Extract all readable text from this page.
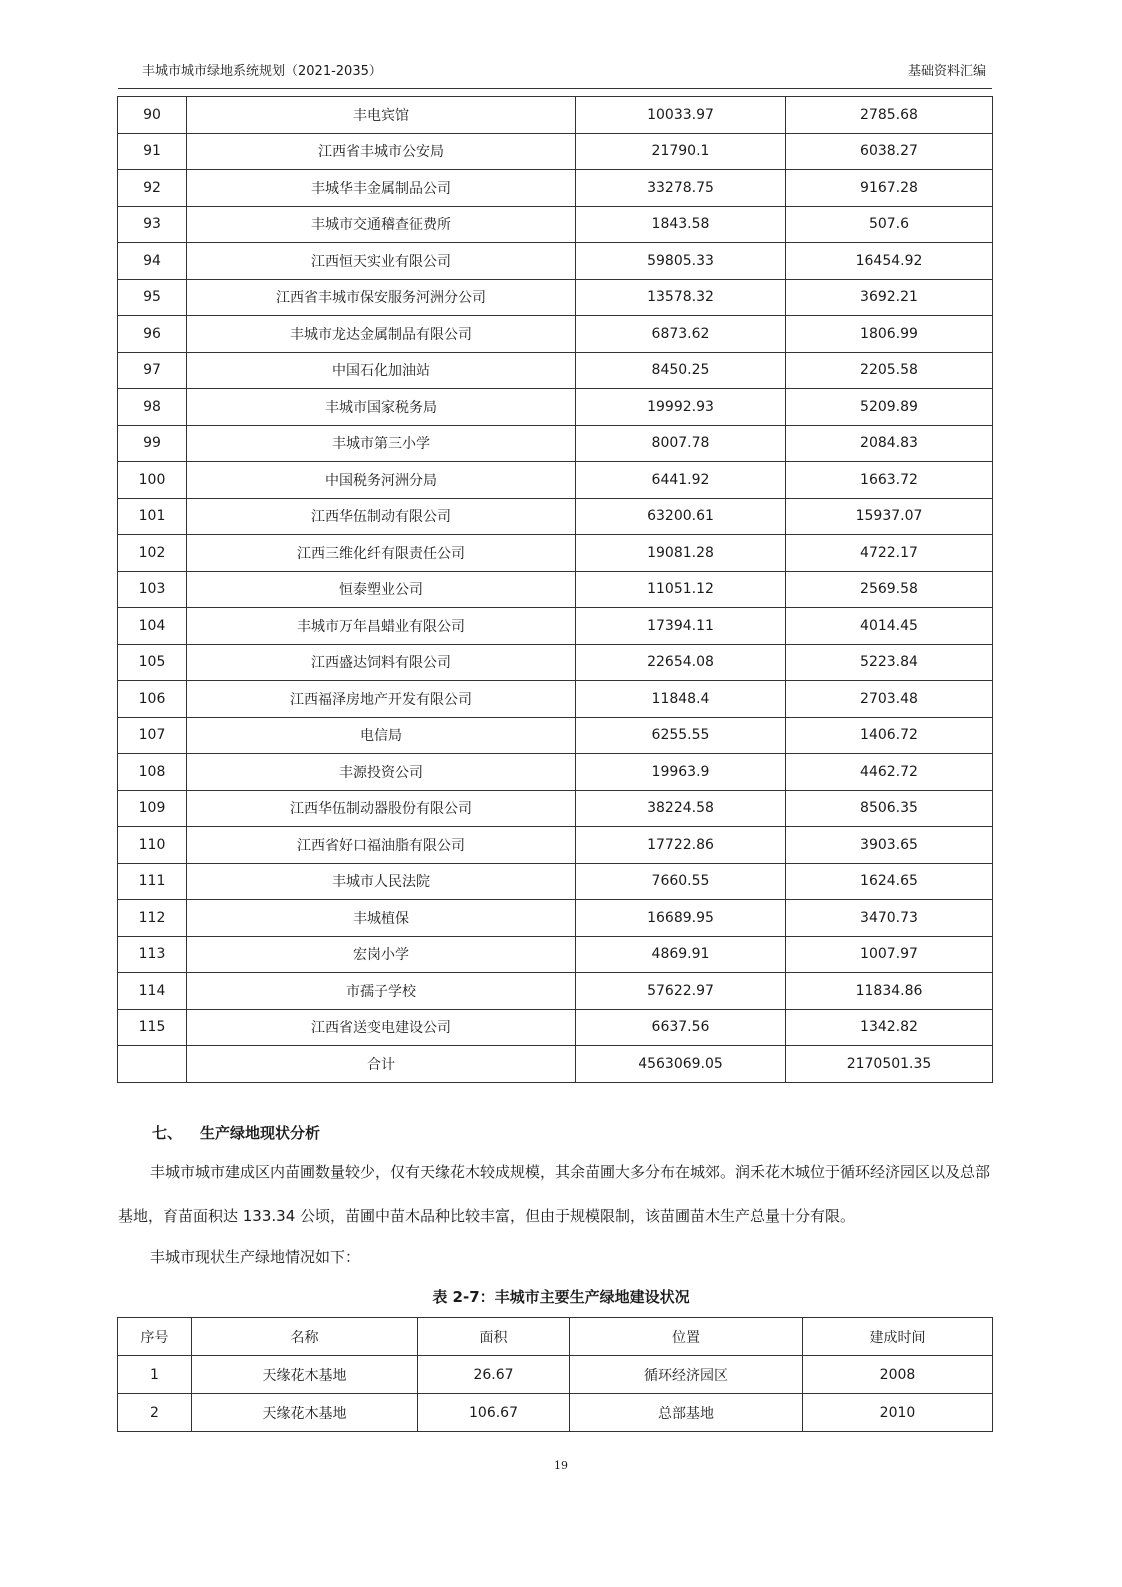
丰城市城市绿地系统规划（2021-2035）	基础资料汇编
90	丰电宾馆	10033.97	2785.68
91	江西省丰城市公安局	21790.1	6038.27
92	丰城华丰金属制品公司	33278.75	9167.28
93	丰城市交通稽查征费所	1843.58	507.6
94	江西恒天实业有限公司	59805.33	16454.92
95	江西省丰城市保安服务河洲分公司	13578.32	3692.21
96	丰城市龙达金属制品有限公司	6873.62	1806.99
97	中国石化加油站	8450.25	2205.58
98	丰城市国家税务局	19992.93	5209.89
99	丰城市第三小学	8007.78	2084.83
100	中国税务河洲分局	6441.92	1663.72
101	江西华伍制动有限公司	63200.61	15937.07
102	江西三维化纤有限责任公司	19081.28	4722.17
103	恒泰塑业公司	11051.12	2569.58
104	丰城市万年昌蜡业有限公司	17394.11	4014.45
105	江西盛达饲料有限公司	22654.08	5223.84
106	江西福泽房地产开发有限公司	11848.4	2703.48
107	电信局	6255.55	1406.72
108	丰源投资公司	19963.9	4462.72
109	江西华伍制动器股份有限公司	38224.58	8506.35
110	江西省好口福油脂有限公司	17722.86	3903.65
111	丰城市人民法院	7660.55	1624.65
112	丰城植保	16689.95	3470.73
113	宏岗小学	4869.91	1007.97
114	市孺子学校	57622.97	11834.86
115	江西省送变电建设公司	6637.56	1342.82
	合计	4563069.05	2170501.35
七、 生产绿地现状分析
丰城市城市建成区内苗圃数量较少，仅有天缘花木较成规模，其余苗圃大多分布在城郊。润禾花木城位于循环经济园区以及总部基地，育苗面积达 133.34 公顷，苗圃中苗木品种比较丰富，但由于规模限制，该苗圃苗木生产总量十分有限。
丰城市现状生产绿地情况如下：
表 2-7：丰城市主要生产绿地建设状况
序号	名称	面积	位置	建成时间
1	天缘花木基地	26.67	循环经济园区	2008
2	天缘花木基地	106.67	总部基地	2010
19
